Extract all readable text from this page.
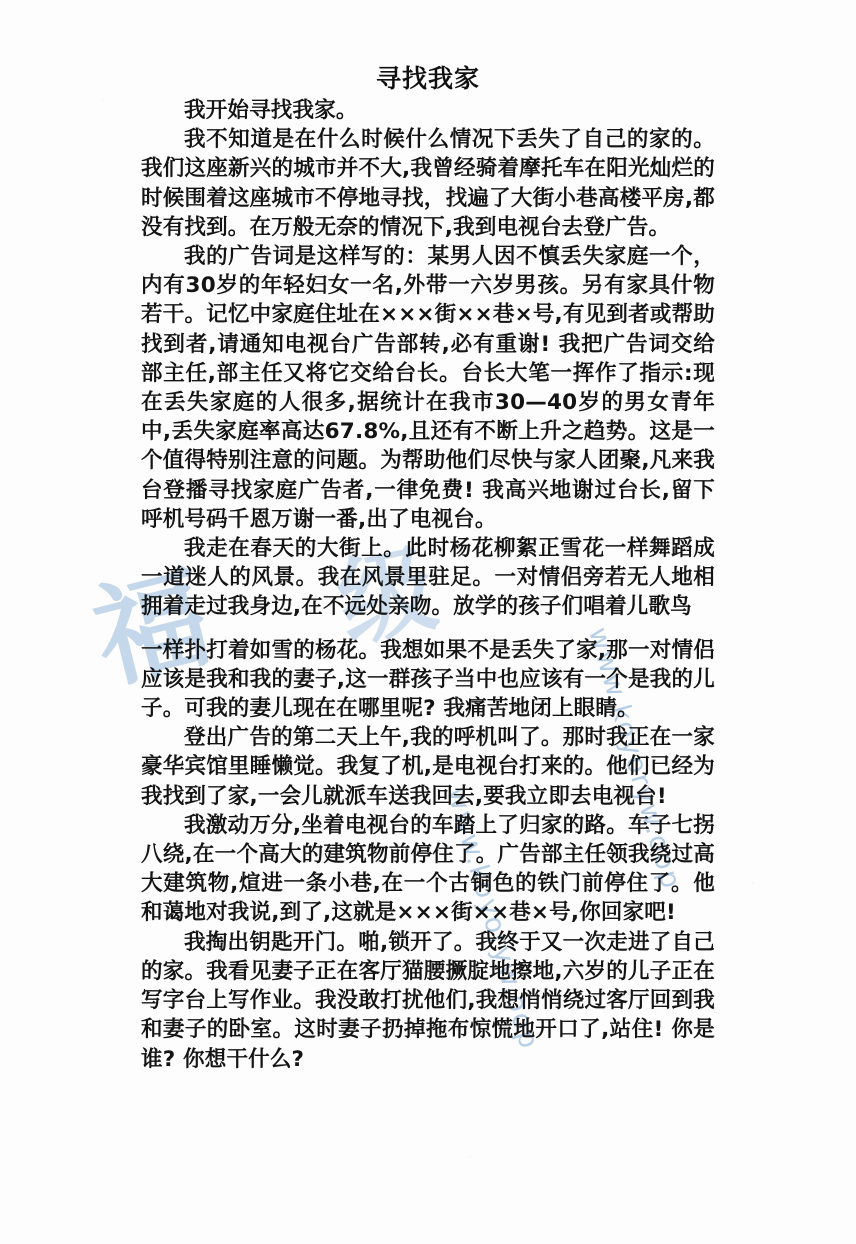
福 级
www.koyoryw.oop
www.koyoryw.oop
寻找我家

我开始寻找我家。

我不知道是在什么时候什么情况下丢失了自己的家的。我们这座新兴的城市并不大,我曾经骑着摩托车在阳光灿烂的时候围着这座城市不停地寻找，找遍了大街小巷高楼平房,都没有找到。在万般无奈的情况下,我到电视台去登广告。

我的广告词是这样写的：某男人因不慎丢失家庭一个，内有30岁的年轻妇女一名,外带一六岁男孩。另有家具什物若干。记忆中家庭住址在×××街××巷×号,有见到者或帮助找到者,请通知电视台广告部转,必有重谢! 我把广告词交给部主任,部主任又将它交给台长。台长大笔一挥作了指示:现在丢失家庭的人很多,据统计在我市30—40岁的男女青年中,丢失家庭率高达67.8%,且还有不断上升之趋势。这是一个值得特别注意的问题。为帮助他们尽快与家人团聚,凡来我台登播寻找家庭广告者,一律免费! 我高兴地谢过台长,留下呼机号码千恩万谢一番,出了电视台。

我走在春天的大街上。此时杨花柳絮正雪花一样舞蹈成一道迷人的风景。我在风景里驻足。一对情侣旁若无人地相拥着走过我身边,在不远处亲吻。放学的孩子们唱着儿歌鸟

一样扑打着如雪的杨花。我想如果不是丢失了家,那一对情侣应该是我和我的妻子,这一群孩子当中也应该有一个是我的儿子。可我的妻儿现在在哪里呢? 我痛苦地闭上眼睛。

登出广告的第二天上午,我的呼机叫了。那时我正在一家豪华宾馆里睡懒觉。我复了机,是电视台打来的。他们已经为我找到了家,一会儿就派车送我回去,要我立即去电视台!

我激动万分,坐着电视台的车踏上了归家的路。车子七拐八绕,在一个高大的建筑物前停住了。广告部主任领我绕过高大建筑物,煊进一条小巷,在一个古铜色的铁门前停住了。他和蔼地对我说,到了,这就是×××街××巷×号,你回家吧!

我掏出钥匙开门。啪,锁开了。我终于又一次走进了自己的家。我看见妻子正在客厅猫腰撅腚地擦地,六岁的儿子正在写字台上写作业。我没敢打扰他们,我想悄悄绕过客厅回到我和妻子的卧室。这时妻子扔掉拖布惊慌地开口了,站住! 你是谁? 你想干什么?
